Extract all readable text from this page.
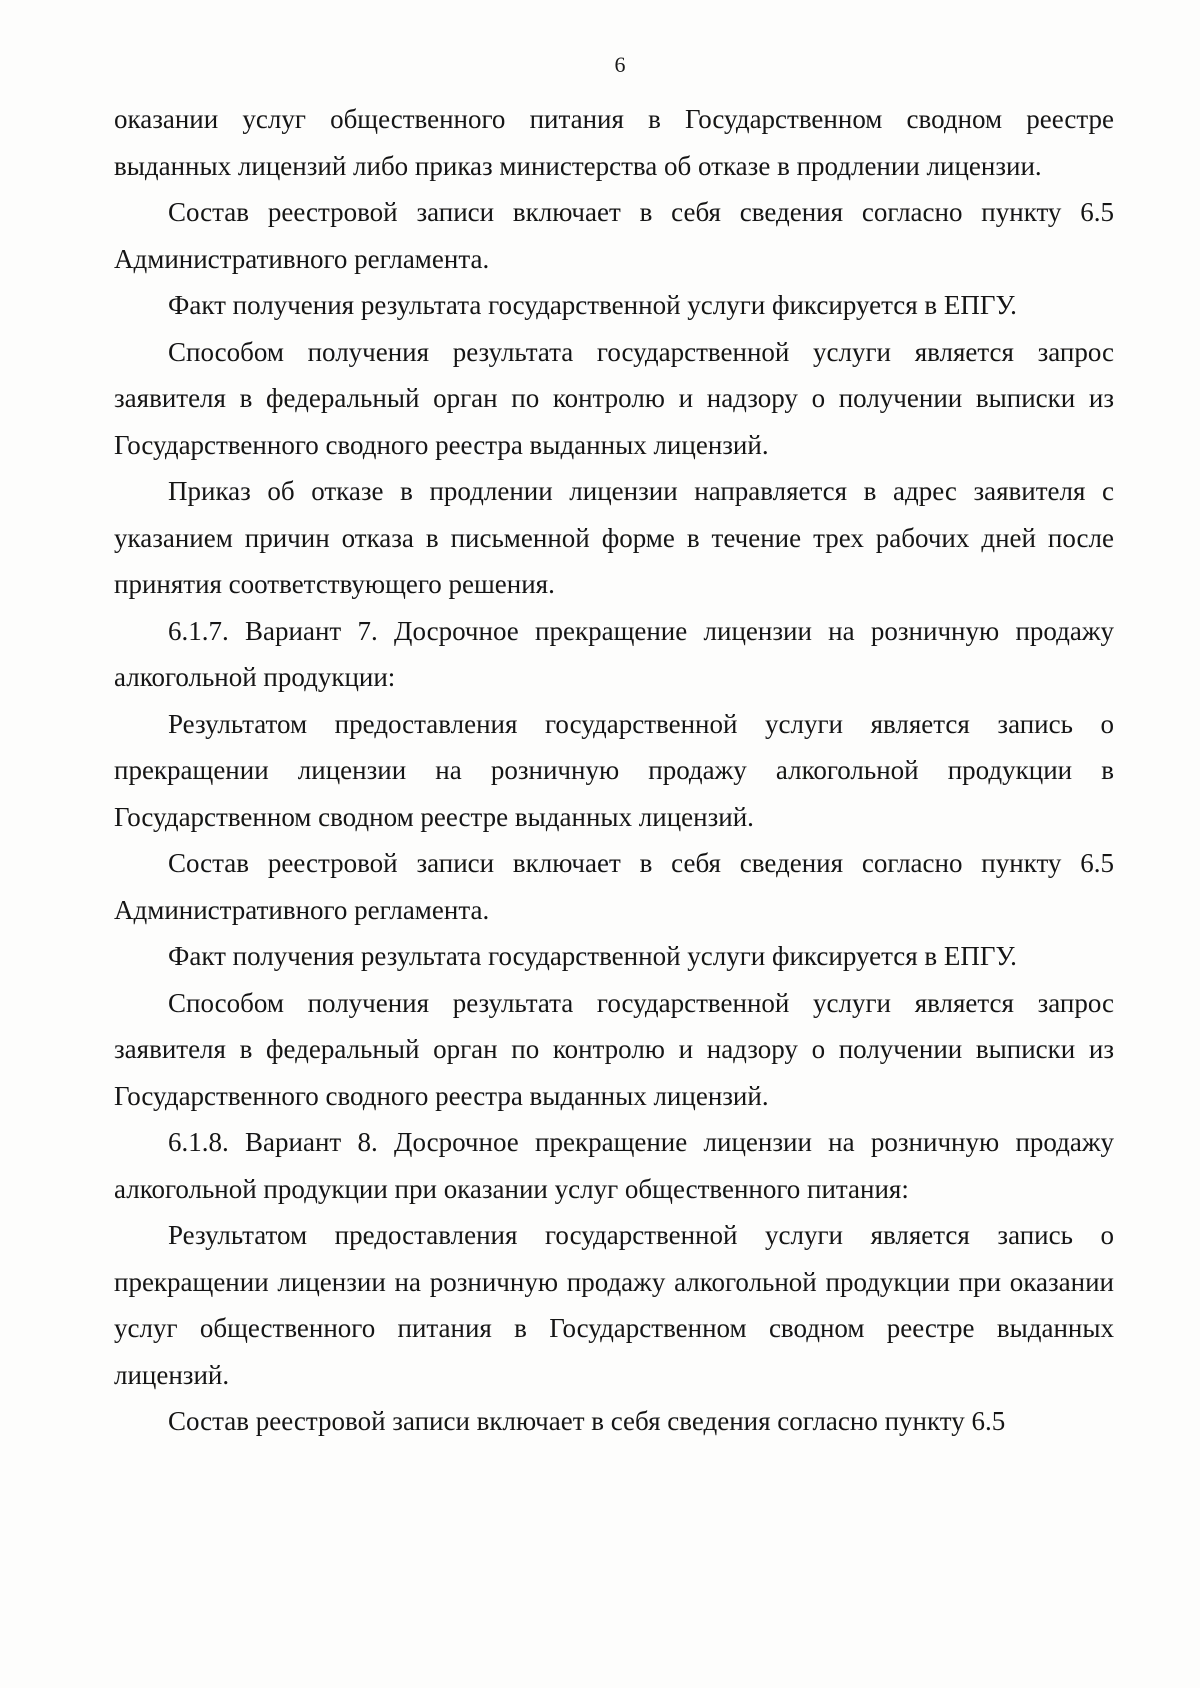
6

оказании услуг общественного питания в Государственном сводном реестре выданных лицензий либо приказ министерства об отказе в продлении лицензии.

Состав реестровой записи включает в себя сведения согласно пункту 6.5 Административного регламента.

Факт получения результата государственной услуги фиксируется в ЕПГУ.

Способом получения результата государственной услуги является запрос заявителя в федеральный орган по контролю и надзору о получении выписки из Государственного сводного реестра выданных лицензий.

Приказ об отказе в продлении лицензии направляется в адрес заявителя с указанием причин отказа в письменной форме в течение трех рабочих дней после принятия соответствующего решения.

6.1.7. Вариант 7. Досрочное прекращение лицензии на розничную продажу алкогольной продукции:

Результатом предоставления государственной услуги является запись о прекращении лицензии на розничную продажу алкогольной продукции в Государственном сводном реестре выданных лицензий.

Состав реестровой записи включает в себя сведения согласно пункту 6.5 Административного регламента.

Факт получения результата государственной услуги фиксируется в ЕПГУ.

Способом получения результата государственной услуги является запрос заявителя в федеральный орган по контролю и надзору о получении выписки из Государственного сводного реестра выданных лицензий.

6.1.8. Вариант 8. Досрочное прекращение лицензии на розничную продажу алкогольной продукции при оказании услуг общественного питания:

Результатом предоставления государственной услуги является запись о прекращении лицензии на розничную продажу алкогольной продукции при оказании услуг общественного питания в Государственном сводном реестре выданных лицензий.

Состав реестровой записи включает в себя сведения согласно пункту 6.5
